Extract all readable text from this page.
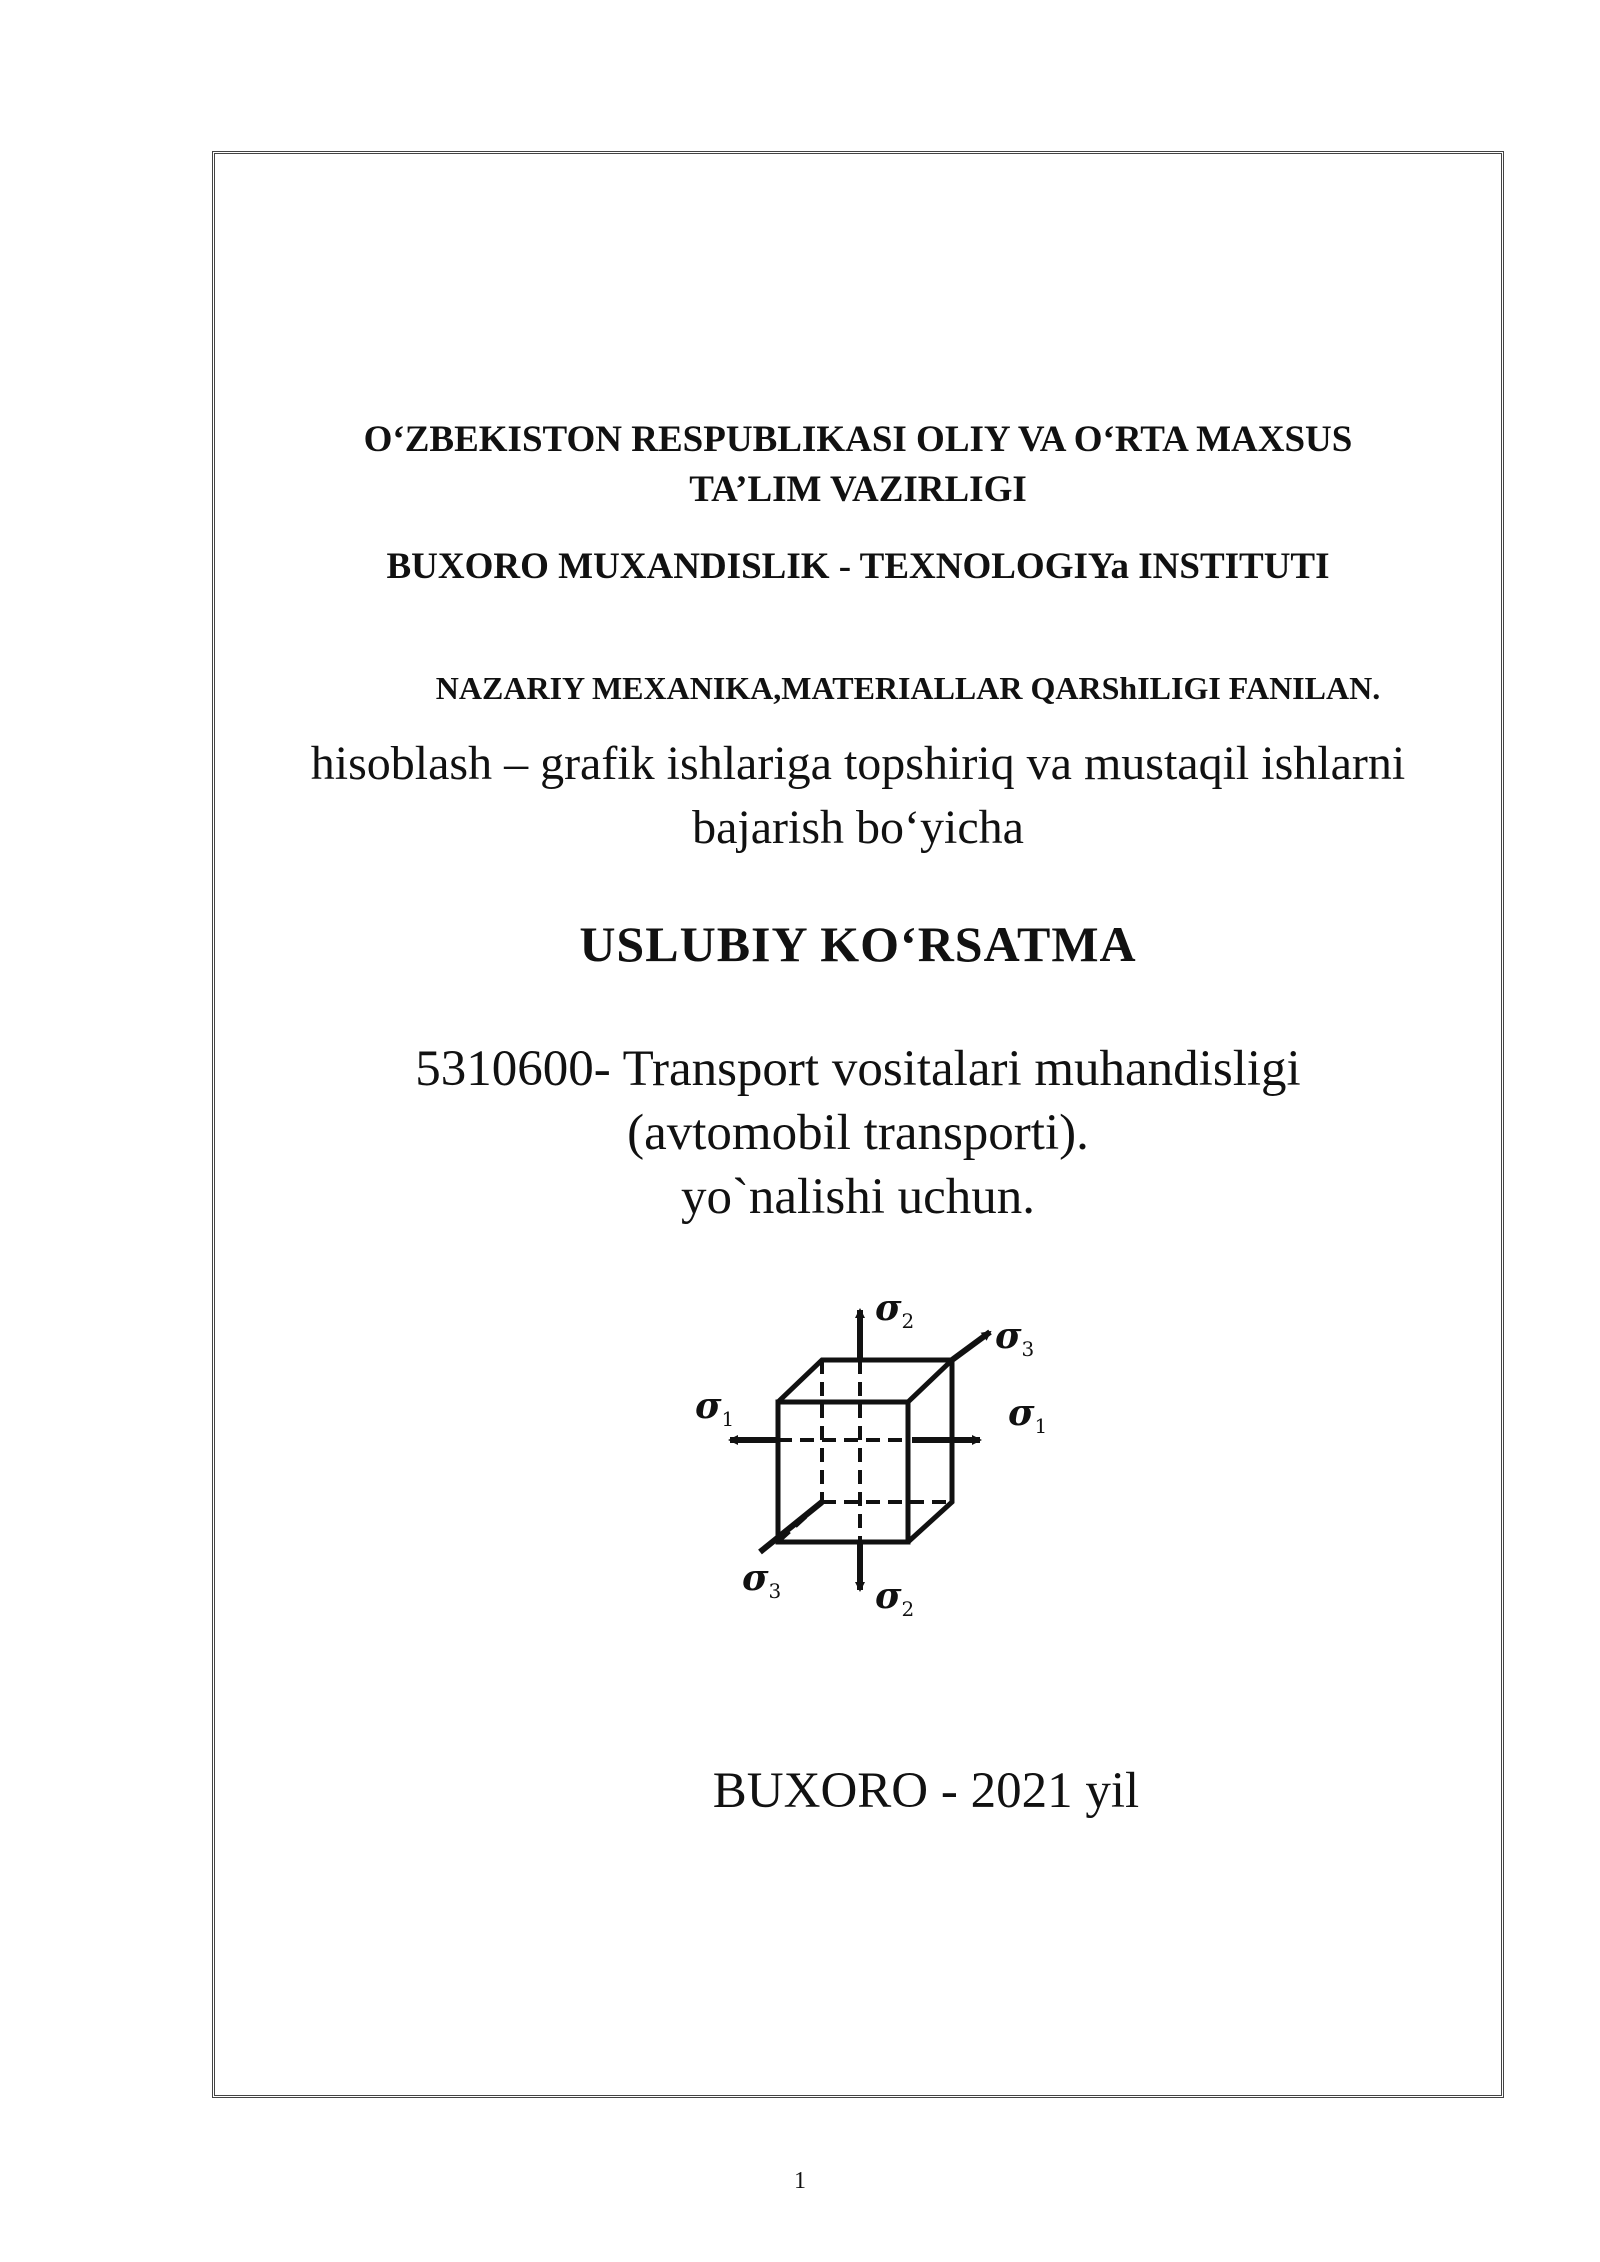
O‘ZBEKISTON RESPUBLIKASI OLIY VA O‘RTA MAXSUS
TA’LIM VAZIRLIGI
BUXORO MUXANDISLIK - TEXNOLOGIYa INSTITUTI
NAZARIY MEXANIKA,MATERIALLAR QARShILIGI FANILAN.
hisoblash – grafik ishlariga topshiriq va mustaqil ishlarni
bajarish bo‘yicha
USLUBIY KO‘RSATMA
5310600- Transport vositalari muhandisligi
(avtomobil transporti).
yo`nalishi uchun.
$\sigma_2$ $\sigma_3$
$\sigma_1$	$\sigma_1$
$\sigma_3$	$\sigma_2$
BUXORO - 2021 yil
1
